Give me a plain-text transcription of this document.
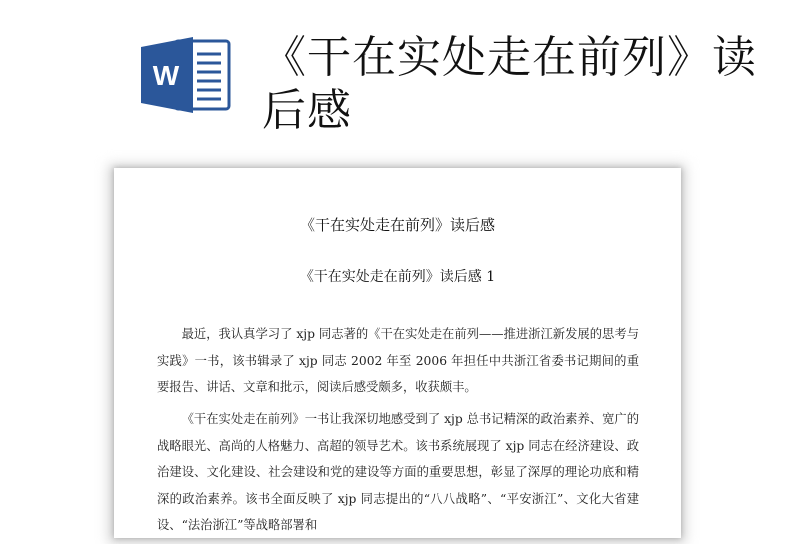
W 《干在实处走在前列》读后感
《干在实处走在前列》读后感
《干在实处走在前列》读后感 1

最近，我认真学习了 xjp 同志著的《干在实处走在前列——推进浙江新发展的思考与实践》一书，该书辑录了 xjp 同志 2002 年至 2006 年担任中共浙江省委书记期间的重要报告、讲话、文章和批示，阅读后感受颇多，收获颇丰。

《干在实处走在前列》一书让我深切地感受到了 xjp 总书记精深的政治素养、宽广的战略眼光、高尚的人格魅力、高超的领导艺术。该书系统展现了 xjp 同志在经济建设、政治建设、文化建设、社会建设和党的建设等方面的重要思想，彰显了深厚的理论功底和精深的政治素养。该书全面反映了 xjp 同志提出的“八八战略”、“平安浙江”、文化大省建设、“法治浙江”等战略部署和
